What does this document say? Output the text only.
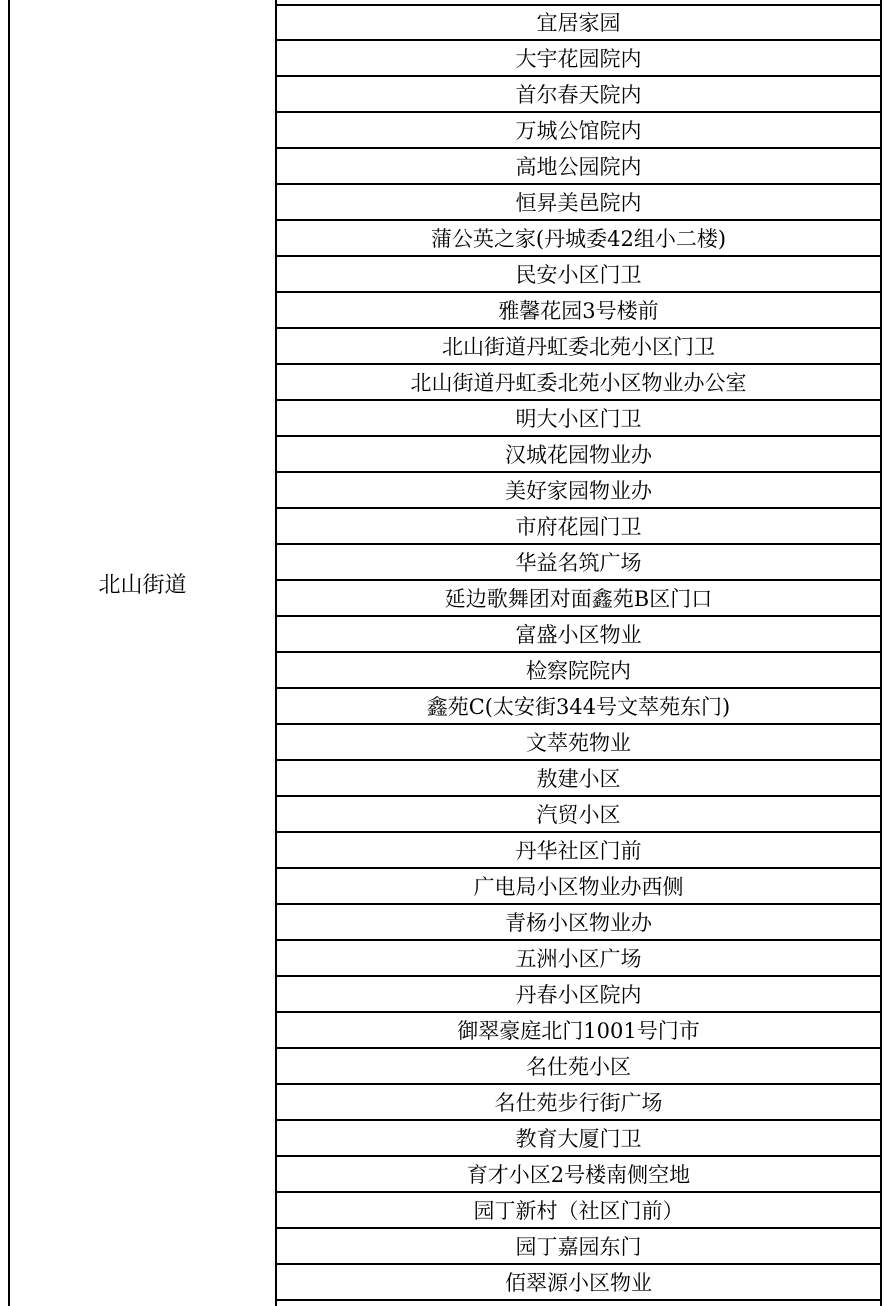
北山街道
宜居家园
大宇花园院内
首尔春天院内
万城公馆院内
高地公园院内
恒昇美邑院内
蒲公英之家(丹城委42组小二楼)
民安小区门卫
雅馨花园3号楼前
北山街道丹虹委北苑小区门卫
北山街道丹虹委北苑小区物业办公室
明大小区门卫
汉城花园物业办
美好家园物业办
市府花园门卫
华益名筑广场
延边歌舞团对面鑫苑B区门口
富盛小区物业
检察院院内
鑫苑C(太安街344号文萃苑东门)
文萃苑物业
敖建小区
汽贸小区
丹华社区门前
广电局小区物业办西侧
青杨小区物业办
五洲小区广场
丹春小区院内
御翠豪庭北门1001号门市
名仕苑小区
名仕苑步行街广场
教育大厦门卫
育才小区2号楼南侧空地
园丁新村（社区门前）
园丁嘉园东门
佰翠源小区物业
